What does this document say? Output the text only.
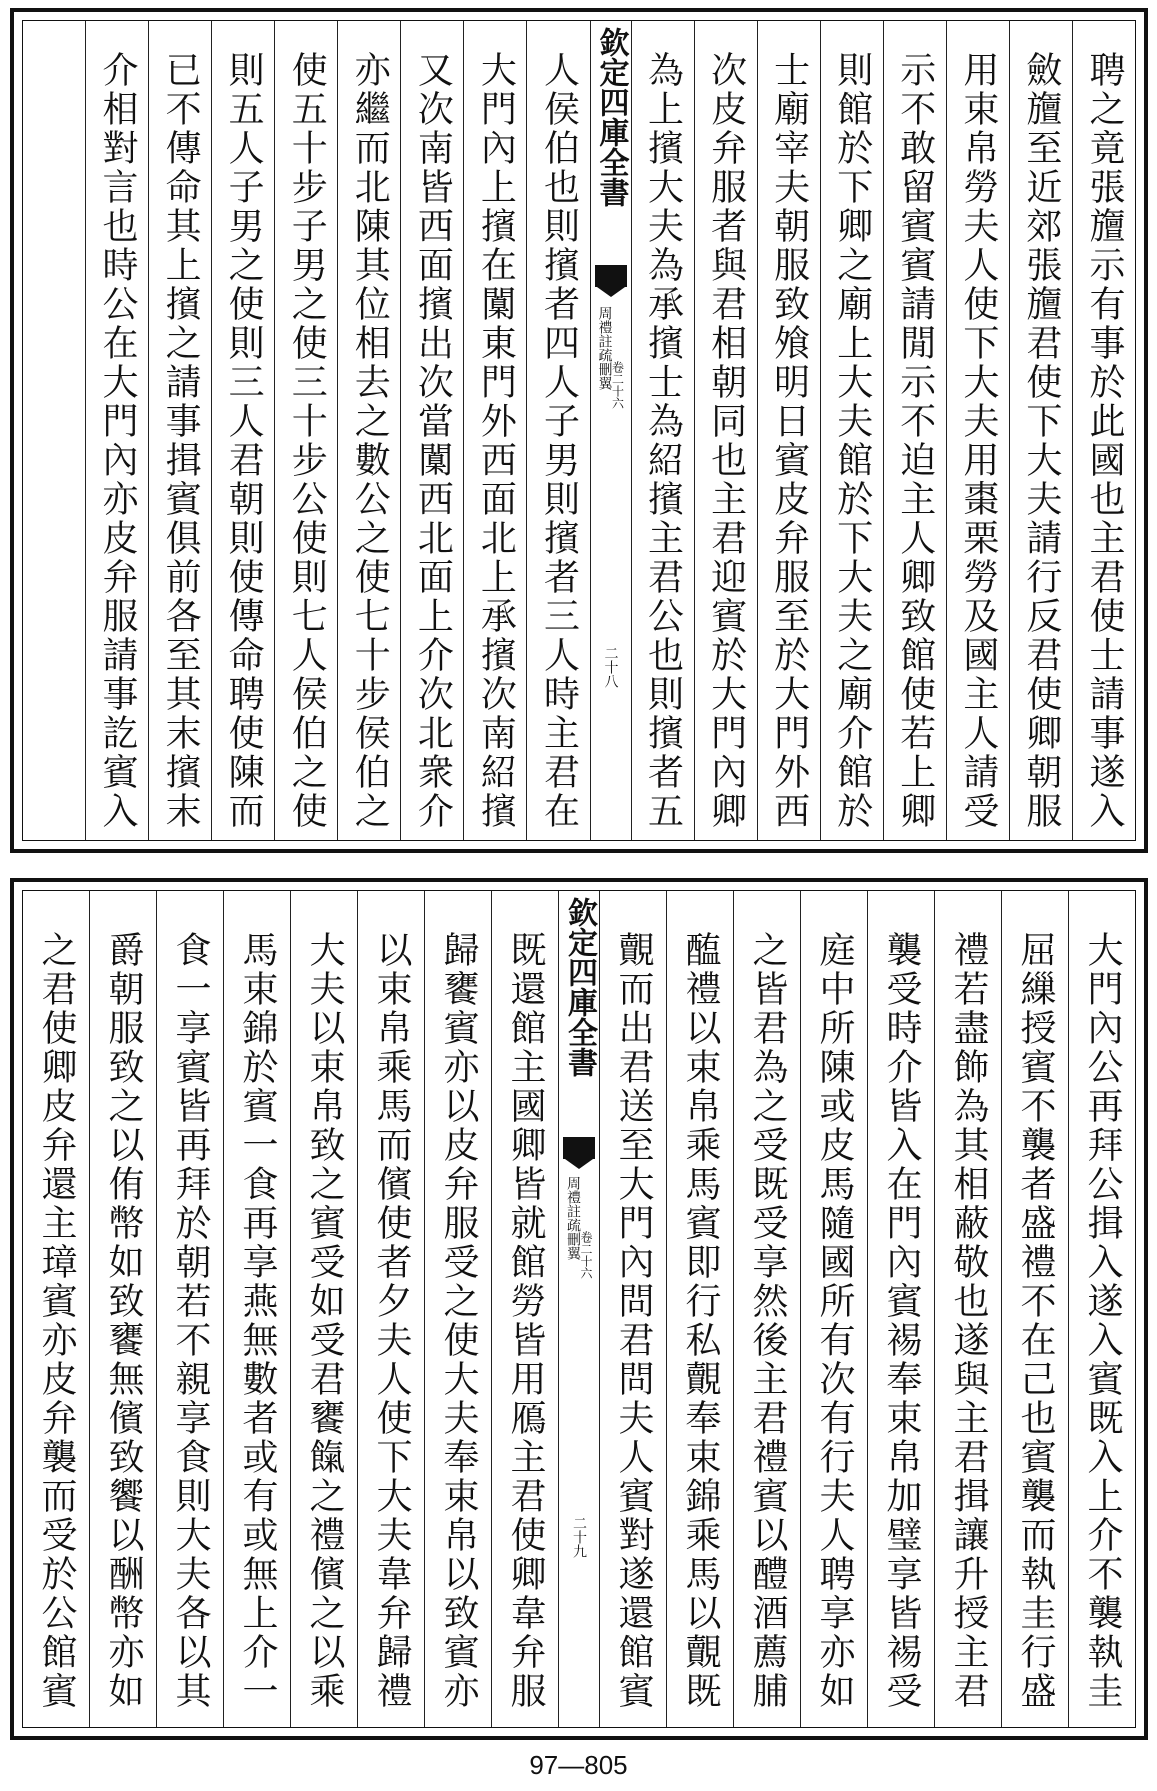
聘之竟張旜示有事於此國也主君使士請事遂入
斂旜至近郊張旜君使下大夫請行反君使卿朝服
用束帛勞夫人使下大夫用棗栗勞及國主人請受
示不敢留賓賓請閒示不迫主人卿致館使若上卿
則館於下卿之廟上大夫館於下大夫之廟介館於
士廟宰夫朝服致飧明日賓皮弁服至於大門外西
次皮弁服者與君相朝同也主君迎賓於大門內卿
為上擯大夫為承擯士為紹擯主君公也則擯者五
欽定四庫全書
周禮註疏刪翼
卷二十六
二十八
人侯伯也則擯者四人子男則擯者三人時主君在
大門內上擯在闑東門外西面北上承擯次南紹擯
又次南皆西面擯出次當闑西北面上介次北衆介
亦繼而北陳其位相去之數公之使七十步侯伯之
使五十步子男之使三十步公使則七人侯伯之使
則五人子男之使則三人君朝則使傳命聘使陳而
已不傳命其上擯之請事揖賓俱前各至其末擯末
介相對言也時公在大門內亦皮弁服請事訖賓入
大門內公再拜公揖入遂入賓既入上介不襲執圭
屈繅授賓不襲者盛禮不在己也賓襲而執圭行盛
禮若盡飾為其相蔽敬也遂與主君揖讓升授主君
襲受時介皆入在門內賓裼奉束帛加璧享皆裼受
庭中所陳或皮馬隨國所有次有行夫人聘享亦如
之皆君為之受既受享然後主君禮賓以醴酒薦脯
醢禮以束帛乘馬賓即行私覿奉束錦乘馬以覿既
覿而出君送至大門內問君問夫人賓對遂還館賓
欽定四庫全書
周禮註疏刪翼
卷二十六
二十九
既還館主國卿皆就館勞皆用鴈主君使卿韋弁服
歸饔賓亦以皮弁服受之使大夫奉束帛以致賓亦
以束帛乘馬而儐使者夕夫人使下大夫韋弁歸禮
大夫以束帛致之賓受如受君饔餼之禮儐之以乘
馬束錦於賓一食再享燕無數者或有或無上介一
食一享賓皆再拜於朝若不親享食則大夫各以其
爵朝服致之以侑幣如致饔無儐致饗以酬幣亦如
之君使卿皮弁還主璋賓亦皮弁襲而受於公館賓
97—805
